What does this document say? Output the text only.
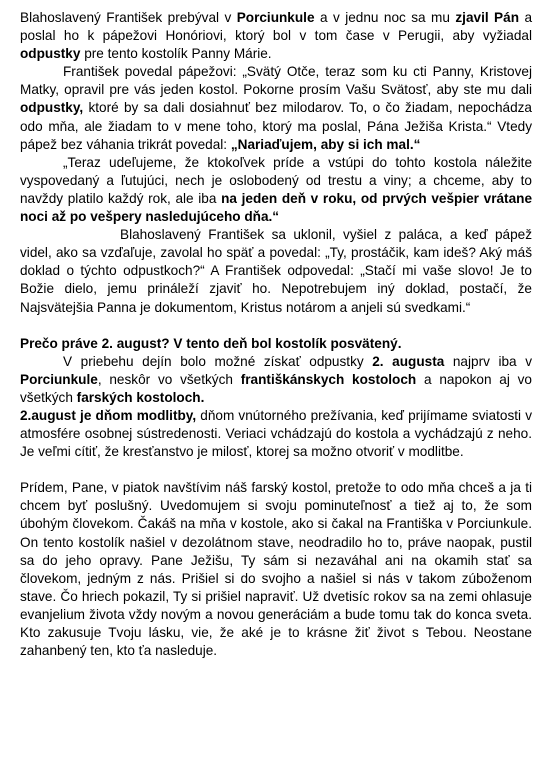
Blahoslavený František prebýval v Porciunkule a v jednu noc sa mu zjavil Pán a poslal ho k pápežovi Honóriovi, ktorý bol v tom čase v Perugii, aby vyžiadal odpustky pre tento kostolík Panny Márie.

František povedal pápežovi: „Svätý Otče, teraz som ku cti Panny, Kristovej Matky, opravil pre vás jeden kostol. Pokorne prosím Vašu Svätosť, aby ste mu dali odpustky, ktoré by sa dali dosiahnuť bez milodarov. To, o čo žiadam, nepochádza odo mňa, ale žiadam to v mene toho, ktorý ma poslal, Pána Ježiša Krista.“ Vtedy pápež bez váhania trikrát povedal: „Nariaďujem, aby si ich mal.“

„Teraz udeľujeme, že ktokoľvek príde a vstúpi do tohto kostola náležite vyspovedaný a ľutujúci, nech je oslobodený od trestu a viny; a chceme, aby to navždy platilo každý rok, ale iba na jeden deň v roku, od prvých vešpier vrátane noci až po vešpery nasledujúceho dňa.“

Blahoslavený František sa uklonil, vyšiel z paláca, a keď pápež videl, ako sa vzďaľuje, zavolal ho späť a povedal: „Ty, prostáčik, kam ideš? Aký máš doklad o týchto odpustkoch?“ A František odpovedal: „Stačí mi vaše slovo! Je to Božie dielo, jemu prináleží zjaviť ho. Nepotrebujem iný doklad, postačí, že Najsvätejšia Panna je dokumentom, Kristus notárom a anjeli sú svedkami.“

Prečo práve 2. august? V tento deň bol kostolík posvätený.

V priebehu dejín bolo možné získať odpustky 2. augusta najprv iba v Porciunkule, neskôr vo všetkých františkánskych kostoloch a napokon aj vo všetkých farských kostoloch.

2.august je dňom modlitby, dňom vnútorného prežívania, keď prijímame sviatosti v atmosfére osobnej sústredenosti. Veriaci vchádzajú do kostola a vychádzajú z neho. Je veľmi cítiť, že kresťanstvo je milosť, ktorej sa možno otvoriť v modlitbe.

Prídem, Pane, v piatok navštívim náš farský kostol, pretože to odo mňa chceš a ja ti chcem byť poslušný. Uvedomujem si svoju pominuteľnosť a tiež aj to, že som úbohým človekom. Čakáš na mňa v kostole, ako si čakal na Františka v Porciunkule. On tento kostolík našiel v dezolátnom stave, neodradilo ho to, práve naopak, pustil sa do jeho opravy. Pane Ježišu, Ty sám si nezaváhal ani na okamih stať sa človekom, jedným z nás. Prišiel si do svojho a našiel si nás v takom zúboženom stave. Čo hriech pokazil, Ty si prišiel napraviť. Už dvetisíc rokov sa na zemi ohlasuje evanjelium života vždy novým a novou generáciám a bude tomu tak do konca sveta. Kto zakusuje Tvoju lásku, vie, že aké je to krásne žiť život s Tebou. Neostane zahanbený ten, kto ťa nasleduje.
